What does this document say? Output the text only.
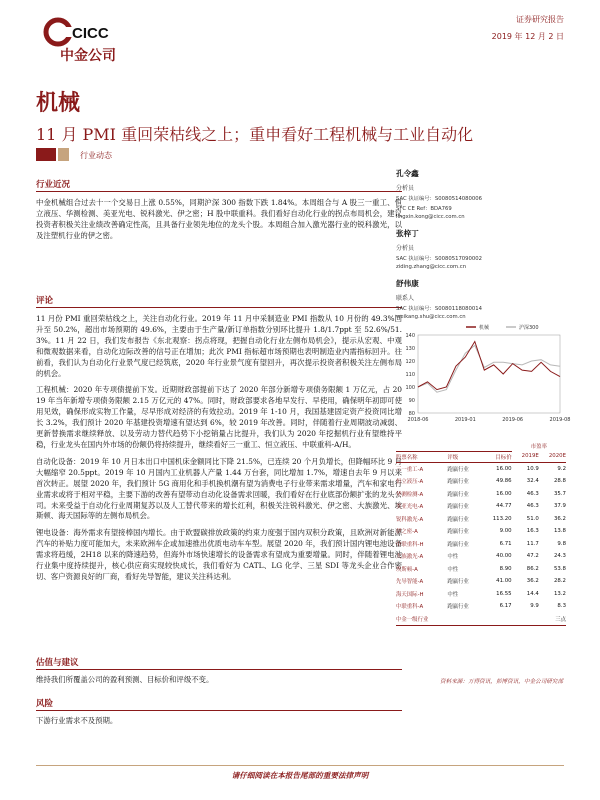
CICC
中金公司
证券研究报告
2019 年 12 月 2 日
机械
11 月 PMI 重回荣枯线之上；重申看好工程机械与工业自动化
行业动态
行业近况

中金机械组合过去十一个交易日上涨 0.55%，同期沪深 300 指数下跌 1.84%。本周组合与 A 股三一重工、恒立液压、华测检测、美亚光电、锐科激光、伊之密；H 股中联重科。我们看好自动化行业的拐点布局机会，建议投资者积极关注业绩改善确定性高，且具备行业领先地位的龙头个股。本周组合加入激光器行业的锐科激光，以及注塑机行业的伊之密。

评论

11 月份 PMI 重回荣枯线之上，关注自动化行业。2019 年 11 月中采制造业 PMI 指数从 10 月份的 49.3%回升至 50.2%，超出市场预期的 49.6%，主要由于生产量/新订单指数分别环比提升 1.8/1.7ppt 至 52.6%/51.3%。11 月 22 日，我们发布报告《东北观察：拐点将现，把握自动化行业左侧布局机会》，提示从宏观、中观和微观数据来看，自动化边际改善的信号正在增加；此次 PMI 指标超市场预期也表明制造业内需指标回升。往前看，我们认为自动化行业景气度已经筑底，2020 年行业景气度有望回升，再次提示投资者积极关注左侧布局的机会。

工程机械：2020 年专项债提前下发。近期财政部提前下达了 2020 年部分新增专项债务限额 1 万亿元，占 2019 年当年新增专项债务限额 2.15 万亿元的 47%。同时，财政部要求各地早发行、早使用，确保明年初即可使用见效，确保形成实物工作量，尽早形成对经济的有效拉动。2019 年 1-10 月，我国基建固定资产投资同比增长 3.2%，我们预计 2020 年基建投资增速有望达到 6%，较 2019 年改善。同时，伴随着行业周期波动减弱、更新替换需求继续释放、以及劳动力替代趋势下小挖销量占比提升，我们认为 2020 年挖掘机行业有望维持平稳，行业龙头在国内外市场的份额仍将持续提升，继续看好三一重工、恒立液压、中联重科-A/H。

自动化设备：2019 年 10 月日本出口中国机床金额同比下降 21.5%，已连续 20 个月负增长，但降幅环比 9 月大幅缩窄 20.5ppt。2019 年 10 月国内工业机器人产量 1.44 万台套，同比增加 1.7%，增速自去年 9 月以来首次转正。展望 2020 年，我们预计 5G 商用化和手机换机潮有望为消费电子行业带来需求增量，汽车和家电行业需求或将于相对平稳，主要下游的改善有望带动自动化设备需求回暖，我们看好在行业底部份额扩张的龙头公司。未来受益于自动化行业周期复苏以及人工替代带来的增长红利，积极关注锐科激光、伊之密、大族激光、埃斯顿、海天国际等的左侧布局机会。

锂电设备：海外需求有望接棒国内增长。由于欧盟碳排放政策的约束力度强于国内双积分政策，且欧洲对新能源汽车的补贴力度可能加大，未来欧洲车企或加速推出优质电动车车型。展望 2020 年，我们预计国内锂电池设备需求将趋缓，2H18 以来的降速趋势，但海外市场快速增长的设备需求有望成为重要增量。同时，伴随着锂电池行业集中度持续提升，核心供应商实现较快成长，我们看好为 CATL、LG 化学、三星 SDI 等龙头企业合作密切、客户资源良好的厂商，看好先导智能，建议关注科达利。

估值与建议

维持我们所覆盖公司的盈利预测、目标价和评级不变。

风险

下游行业需求不及预期。

孔令鑫
分析员
SAC 执证编号：S0080514080006
SFC CE Ref：BDA769
lingxin.kong@cicc.com.cn
张梓丁
分析员
SAC 执证编号：S0080517090002
ziding.zhang@cicc.com.cn
舒伟康
联系人
SAC 执证编号：S0080118080014
weikang.shu@cicc.com.cn
80
90
100
110
120
130
140
2018-06	2019-01	2019-06	2019-08
机械	沪深300
			市盈率	
股票名称	评级	目标价	2019E	2020E
三一重工-A	跑赢行业	16.00	10.9	9.2
恒立液压-A	跑赢行业	49.86	32.4	28.8
华测检测-A	跑赢行业	16.00	46.3	35.7
美亚光电-A	跑赢行业	44.77	46.3	37.9
锐科激光-A	跑赢行业	113.20	51.0	36.2
伊之密-A	跑赢行业	9.00	16.3	13.8
中联重科-H	跑赢行业	6.71	11.7	9.8
大族激光-A	中性	40.00	47.2	24.3
埃斯顿-A	中性	8.90	86.2	53.8
先导智能-A	跑赢行业	41.00	36.2	28.2
海天国际-H	中性	16.55	14.4	13.2
中联重科-A	跑赢行业	6.17	9.9	8.3
中金一级行业				三点
资料来源：万得资讯，彭博资讯，中金公司研究部
请仔细阅读在本报告尾部的重要法律声明
